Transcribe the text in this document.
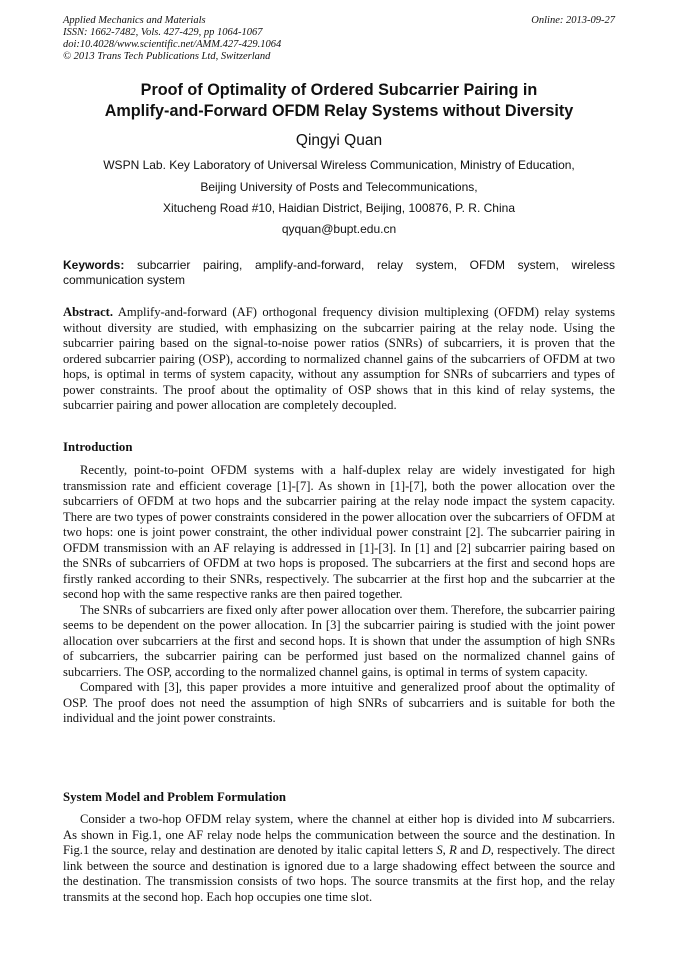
Applied Mechanics and Materials
ISSN: 1662-7482, Vols. 427-429, pp 1064-1067
doi:10.4028/www.scientific.net/AMM.427-429.1064
© 2013 Trans Tech Publications Ltd, Switzerland
Online: 2013-09-27
Proof of Optimality of Ordered Subcarrier Pairing in
Amplify-and-Forward OFDM Relay Systems without Diversity
Qingyi Quan
WSPN Lab. Key Laboratory of Universal Wireless Communication, Ministry of Education,
Beijing University of Posts and Telecommunications,
Xitucheng Road #10, Haidian District, Beijing, 100876, P. R. China
qyquan@bupt.edu.cn
Keywords: subcarrier pairing, amplify-and-forward, relay system, OFDM system, wireless communication system

Abstract. Amplify-and-forward (AF) orthogonal frequency division multiplexing (OFDM) relay systems without diversity are studied, with emphasizing on the subcarrier pairing at the relay node. Using the subcarrier pairing based on the signal-to-noise power ratios (SNRs) of subcarriers, it is proven that the ordered subcarrier pairing (OSP), according to normalized channel gains of the subcarriers of OFDM at two hops, is optimal in terms of system capacity, without any assumption for SNRs of subcarriers and types of power constraints. The proof about the optimality of OSP shows that in this kind of relay systems, the subcarrier pairing and power allocation are completely decoupled.

Introduction

Recently, point-to-point OFDM systems with a half-duplex relay are widely investigated for high transmission rate and efficient coverage [1]-[7]. As shown in [1]-[7], both the power allocation over the subcarriers of OFDM at two hops and the subcarrier pairing at the relay node impact the system capacity. There are two types of power constraints considered in the power allocation over the subcarriers of OFDM at two hops: one is joint power constraint, the other individual power constraint [2]. The subcarrier pairing in OFDM transmission with an AF relaying is addressed in [1]-[3]. In [1] and [2] subcarrier pairing based on the SNRs of subcarriers of OFDM at two hops is proposed. The subcarriers at the first and second hops are firstly ranked according to their SNRs, respectively. The subcarrier at the first hop and the subcarrier at the second hop with the same respective ranks are then paired together.

The SNRs of subcarriers are fixed only after power allocation over them. Therefore, the subcarrier pairing seems to be dependent on the power allocation. In [3] the subcarrier pairing is studied with the joint power allocation over subcarriers at the first and second hops. It is shown that under the assumption of high SNRs of subcarriers, the subcarrier pairing can be performed just based on the normalized channel gains of subcarriers. The OSP, according to the normalized channel gains, is optimal in terms of system capacity.

Compared with [3], this paper provides a more intuitive and generalized proof about the optimality of OSP. The proof does not need the assumption of high SNRs of subcarriers and is suitable for both the individual and the joint power constraints.

System Model and Problem Formulation

Consider a two-hop OFDM relay system, where the channel at either hop is divided into M subcarriers. As shown in Fig.1, one AF relay node helps the communication between the source and the destination. In Fig.1 the source, relay and destination are denoted by italic capital letters S, R and D, respectively. The direct link between the source and destination is ignored due to a large shadowing effect between the source and the destination. The transmission consists of two hops. The source transmits at the first hop, and the relay transmits at the second hop. Each hop occupies one time slot.
